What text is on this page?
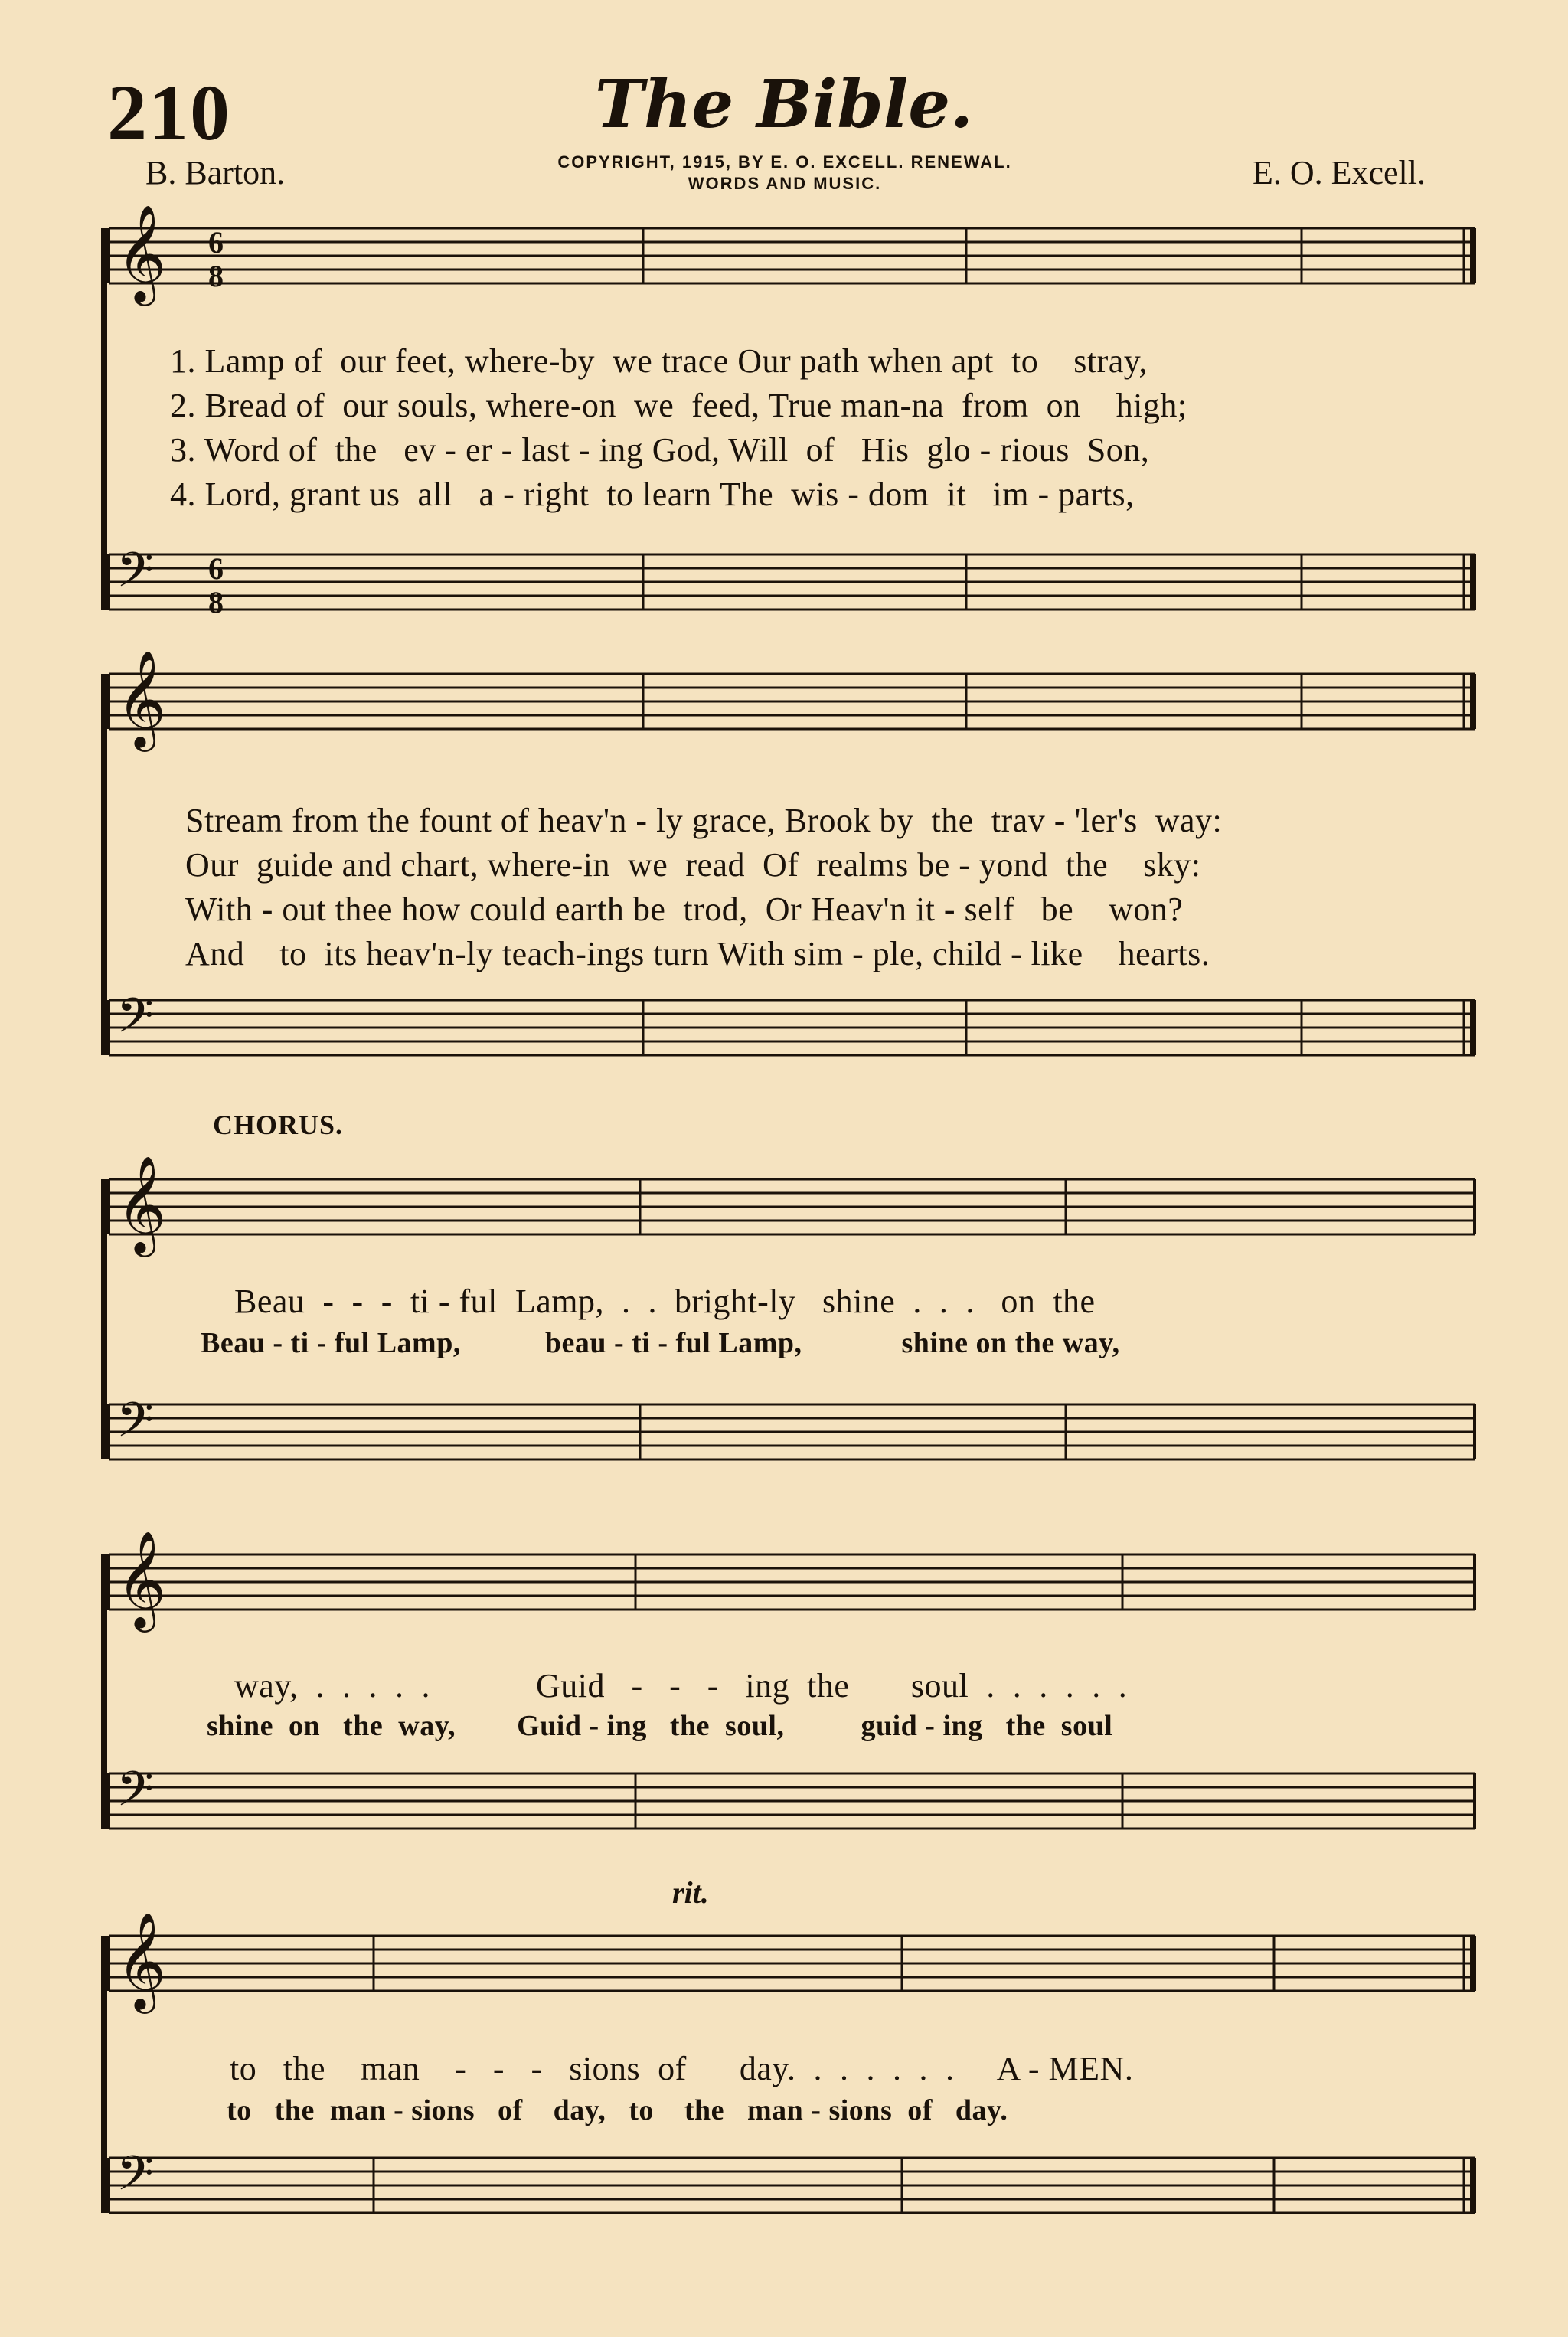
210	The Bible.
B. Barton.	COPYRIGHT, 1915, BY E. O. EXCELL. RENEWAL.
WORDS AND MUSIC.	E. O. Excell.
𝄞
𝄞
𝄞
𝄞
𝄞
𝄢
𝄢
𝄢
𝄢
𝄢
6
8
6
8
1. Lamp of  our feet, where-by  we trace Our path when apt  to    stray,
2. Bread of  our souls, where-on  we  feed, True man-na  from  on    high;
3. Word of  the   ev - er - last - ing God, Will  of   His  glo - rious  Son,
4. Lord, grant us  all   a - right  to learn The  wis - dom  it   im - parts,
Stream from the fount of heav'n - ly grace, Brook by  the  trav - 'ler's  way:
Our  guide and chart, where-in  we  read  Of  realms be - yond  the    sky:
With - out thee how could earth be  trod,  Or Heav'n it - self   be    won?
And    to  its heav'n-ly teach-ings turn With sim - ple, child - like    hearts.
CHORUS.
Beau  -  -  -  ti - ful  Lamp,  .  .  bright-ly   shine  .  .  .   on  the
Beau - ti - ful Lamp,           beau - ti - ful Lamp,             shine on the way,
way,  .  .  .  .  .            Guid   -   -   -   ing  the       soul  .  .  .  .  .  .
shine  on   the  way,        Guid - ing   the  soul,          guid - ing   the  soul
rit.
to   the    man    -   -   -   sions  of      day.  .  .  .  .  .  .     A - MEN.
to   the  man - sions   of    day,   to    the   man - sions  of   day.
